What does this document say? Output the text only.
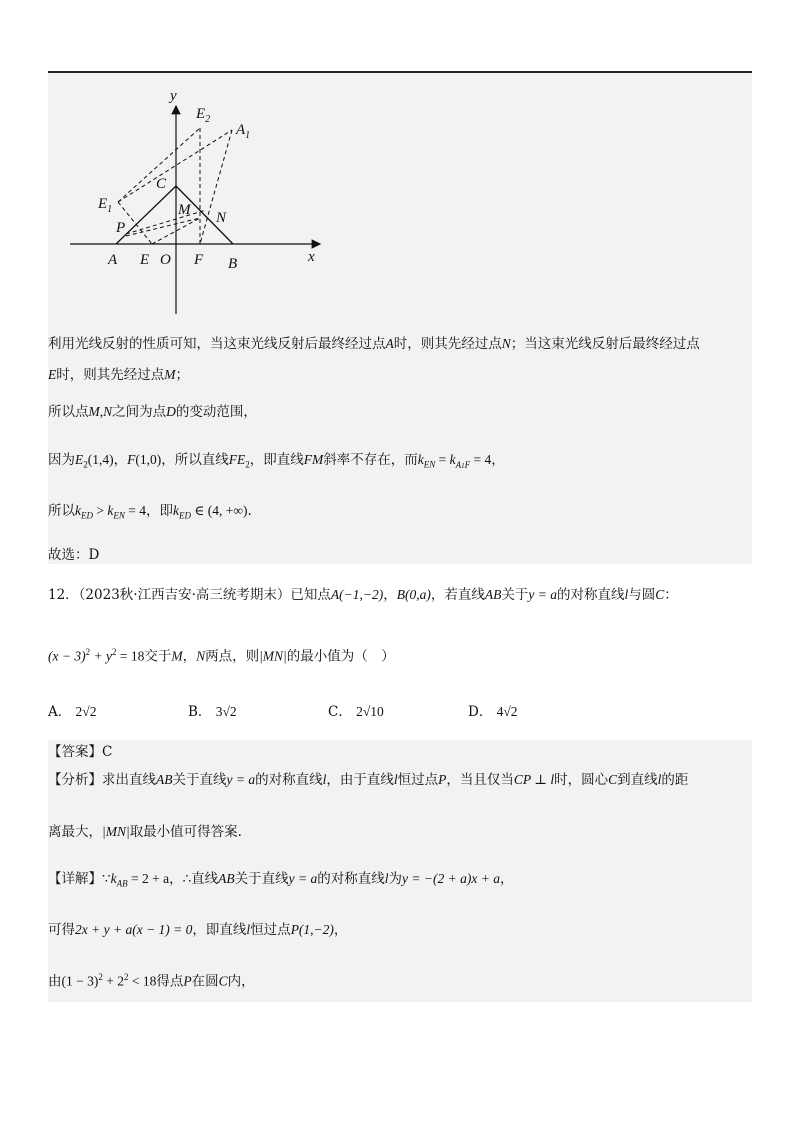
y
x
$E_2$
$A_1$
C
$E_1$	M N
P
A E O F B
利用光线反射的性质可知，当这束光线反射后最终经过点A时，则其先经过点N；当这束光线反射后最终经过点
E时，则其先经过点M；
所以点M,N之间为点D的变动范围，
因为$E_2(1,4)$，F(1,0)，所以直线$FE_2$，即直线FM斜率不存在，而$k_{EN} = k_{A1F} = 4$，
所以$k_{ED} > k_{EN} = 4$，即$k_{ED}$ ∈ (4, +∞).
故选：D
12．（2023秋·江西吉安·高三统考期末）已知点A(−1,−2)，B(0,a)，若直线AB关于y = a的对称直线l与圆C：
$(x - 3)^2 + y^2 = 18$交于M，N两点，则|MN|的最小值为（　）
A． 2√2	B． 3√2	C． 2√10	D． 4√2
【答案】C
【分析】求出直线AB关于直线y = a的对称直线l，由于直线l恒过点P，当且仅当CP ⊥ l时，圆心C到直线l的距
离最大，|MN|取最小值可得答案.
【详解】$\because k_{AB} = 2 + a$，∴直线AB关于直线y = a的对称直线l为y = −(2 + a)x + a，
可得2x + y + a(x − 1) = 0，即直线l恒过点P(1,−2)，
由$(1 - 3)^2 + 2^2 < 18$得点P在圆C内，
